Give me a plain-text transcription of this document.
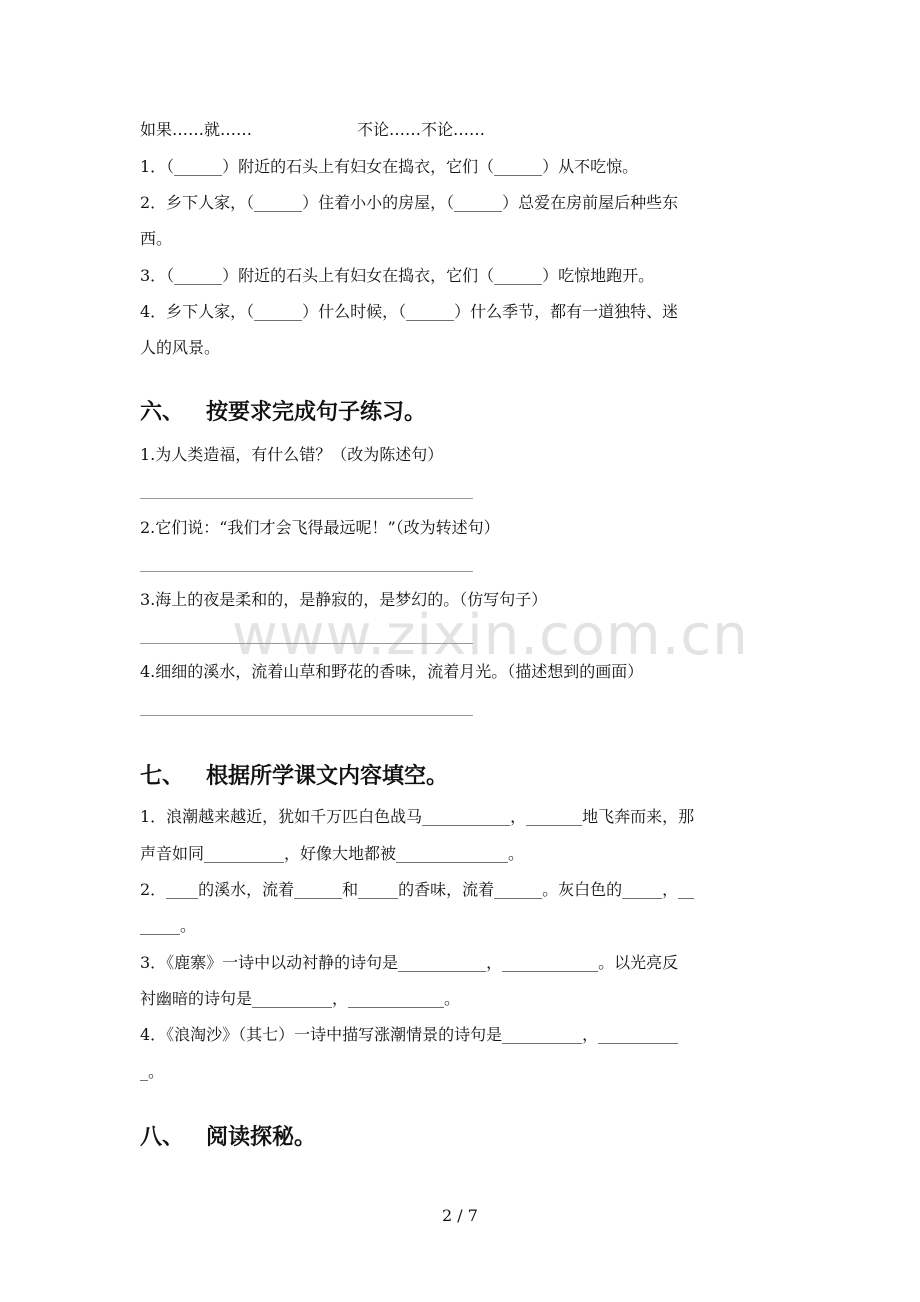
www.zixin.com.cn

如果……就……	不论……不论……

1．（______）附近的石头上有妇女在捣衣，它们（______）从不吃惊。

2．乡下人家，（______）住着小小的房屋，（______）总爱在房前屋后种些东

西。

3．（______）附近的石头上有妇女在捣衣，它们（______）吃惊地跑开。

4．乡下人家，（______）什么时候，（______）什么季节，都有一道独特、迷

人的风景。

六、 按要求完成句子练习。

1.为人类造福，有什么错？（改为陈述句）

2.它们说：“我们才会飞得最远呢！”（改为转述句）

3.海上的夜是柔和的，是静寂的，是梦幻的。（仿写句子）

4.细细的溪水，流着山草和野花的香味，流着月光。（描述想到的画面）

七、 根据所学课文内容填空。

1．浪潮越来越近，犹如千万匹白色战马___________，_______地飞奔而来，那

声音如同__________，好像大地都被______________。

2．____的溪水，流着______和_____的香味，流着______。灰白色的_____，__

_____。

3．《鹿寨》一诗中以动衬静的诗句是___________，____________。以光亮反

衬幽暗的诗句是__________，____________。

4．《浪淘沙》（其七）一诗中描写涨潮情景的诗句是__________，__________

_。

八、 阅读探秘。

2 / 7
